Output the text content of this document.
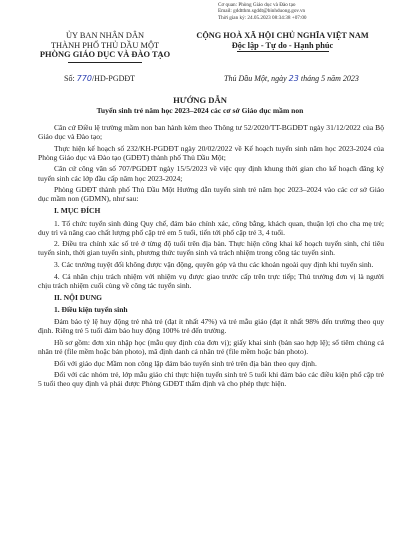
Cơ quan: Phòng Giáo dục và Đào tạo
Email: gddtthm.sgddt@binhduong.gov.vn
Thời gian ký: 24.05.2023 08:34:38 +07:00
ỦY BAN NHÂN DÂN
THÀNH PHỐ THỦ DẦU MỘT
PHÒNG GIÁO DỤC VÀ ĐÀO TẠO
CỘNG HOÀ XÃ HỘI CHỦ NGHĨA VIỆT NAM
Độc lập - Tự do - Hạnh phúc
Số: 770/HD-PGDĐT	Thủ Dầu Một, ngày 23 tháng 5 năm 2023
HƯỚNG DẪN
Tuyển sinh trẻ năm học 2023–2024 các cơ sở Giáo dục mầm non

Căn cứ Điều lệ trường mầm non ban hành kèm theo Thông tư 52/2020/TT-BGDĐT ngày 31/12/2022 của Bộ Giáo dục và Đào tạo;

Thực hiện kế hoạch số 232/KH-PGDĐT ngày 20/02/2022 về Kế hoạch tuyển sinh năm học 2023-2024 của Phòng Giáo dục và Đào tạo (GDĐT) thành phố Thủ Dầu Một;

Căn cứ công văn số 707/PGDĐT ngày 15/5/2023 về việc quy định khung thời gian cho kế hoạch đăng ký tuyển sinh các lớp đầu cấp năm học 2023-2024;

Phòng GDĐT thành phố Thủ Dầu Một Hướng dẫn tuyển sinh trẻ năm học 2023–2024 vào các cơ sở Giáo dục mầm non (GDMN), như sau:

I. MỤC ĐÍCH

1. Tổ chức tuyển sinh đúng Quy chế, đảm bảo chính xác, công bằng, khách quan, thuận lợi cho cha mẹ trẻ; duy trì và nâng cao chất lượng phổ cập trẻ em 5 tuổi, tiến tới phổ cập trẻ 3, 4 tuổi.

2. Điều tra chính xác số trẻ ở từng độ tuổi trên địa bàn. Thực hiện công khai kế hoạch tuyển sinh, chỉ tiêu tuyển sinh, thời gian tuyển sinh, phương thức tuyển sinh và trách nhiệm trong công tác tuyển sinh.

3. Các trường tuyệt đối không được vận động, quyên góp và thu các khoản ngoài quy định khi tuyển sinh.

4. Cá nhân chịu trách nhiệm với nhiệm vụ được giao trước cấp trên trực tiếp; Thủ trưởng đơn vị là người chịu trách nhiệm cuối cùng về công tác tuyển sinh.

II. NỘI DUNG
1. Điều kiện tuyển sinh

Đảm bảo tỷ lệ huy động trẻ nhà trẻ (đạt ít nhất 47%) và trẻ mẫu giáo (đạt ít nhất 98% đến trường theo quy định. Riêng trẻ 5 tuổi đảm bảo huy động 100% trẻ đến trường.

Hồ sơ gồm: đơn xin nhập học (mẫu quy định của đơn vị); giấy khai sinh (bản sao hợp lệ); sổ tiêm chủng cá nhân trẻ (file mềm hoặc bản photo), mã định danh cá nhân trẻ (file mềm hoặc bản photo).

Đối với giáo dục Mầm non công lập đảm bảo tuyển sinh trẻ trên địa bàn theo quy định.

Đối với các nhóm trẻ, lớp mẫu giáo chỉ thực hiện tuyển sinh trẻ 5 tuổi khi đảm bảo các điều kiện phổ cập trẻ 5 tuổi theo quy định và phải được Phòng GDĐT thẩm định và cho phép thực hiện.
